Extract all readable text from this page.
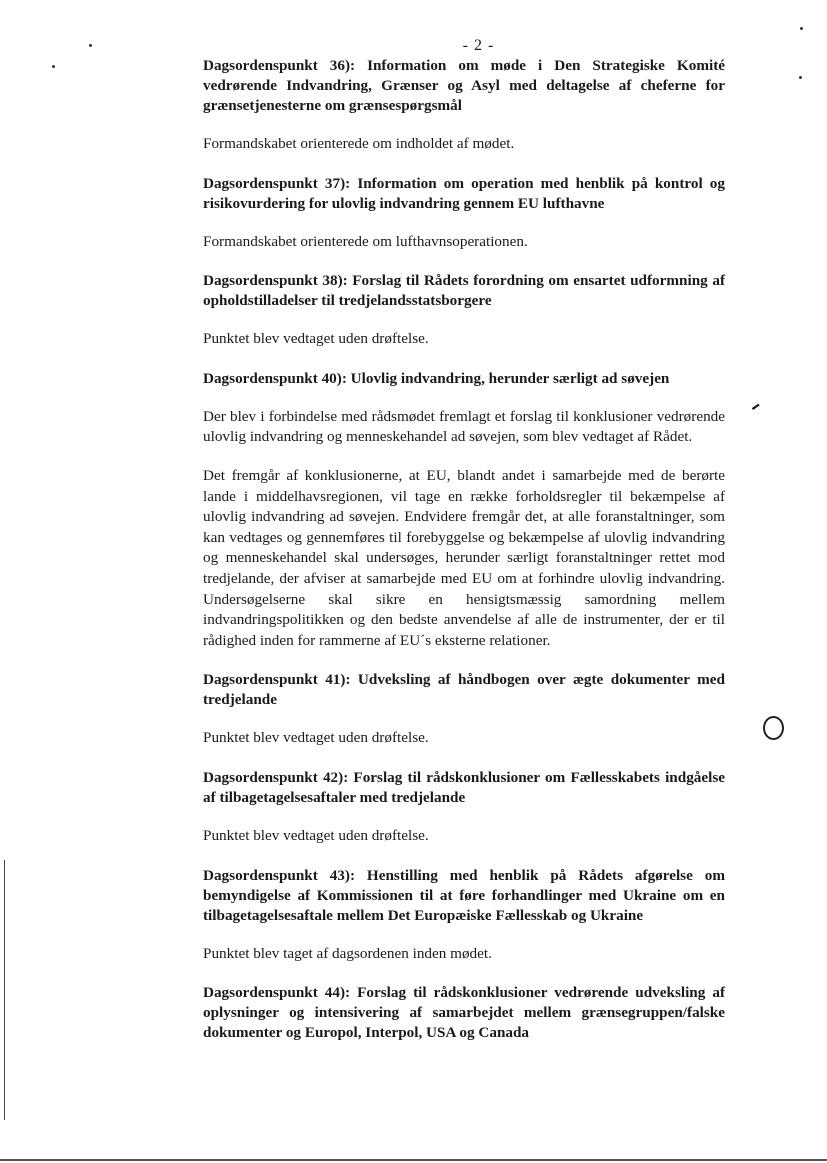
- 2 -

Dagsordenspunkt 36): Information om møde i Den Strategiske Komité vedrørende Indvandring, Grænser og Asyl med deltagelse af cheferne for grænsetjenesterne om grænsespørgsmål

Formandskabet orienterede om indholdet af mødet.

Dagsordenspunkt 37): Information om operation med henblik på kontrol og risikovurdering for ulovlig indvandring gennem EU lufthavne

Formandskabet orienterede om lufthavnsoperationen.

Dagsordenspunkt 38): Forslag til Rådets forordning om ensartet udformning af opholdstilladelser til tredjelandsstatsborgere

Punktet blev vedtaget uden drøftelse.

Dagsordenspunkt 40): Ulovlig indvandring, herunder særligt ad søvejen

Der blev i forbindelse med rådsmødet fremlagt et forslag til konklusioner vedrørende ulovlig indvandring og menneskehandel ad søvejen, som blev vedtaget af Rådet.

Det fremgår af konklusionerne, at EU, blandt andet i samarbejde med de berørte lande i middelhavsregionen, vil tage en række forholdsregler til bekæmpelse af ulovlig indvandring ad søvejen. Endvidere fremgår det, at alle foranstaltninger, som kan vedtages og gennemføres til forebyggelse og bekæmpelse af ulovlig indvandring og menneskehandel skal undersøges, herunder særligt foranstaltninger rettet mod tredjelande, der afviser at samarbejde med EU om at forhindre ulovlig indvandring. Undersøgelserne skal sikre en hensigtsmæssig samordning mellem indvandringspolitikken og den bedste anvendelse af alle de instrumenter, der er til rådighed inden for rammerne af EU´s eksterne relationer.

Dagsordenspunkt 41): Udveksling af håndbogen over ægte dokumenter med tredjelande

Punktet blev vedtaget uden drøftelse.

Dagsordenspunkt 42): Forslag til rådskonklusioner om Fællesskabets indgåelse af tilbagetagelsesaftaler med tredjelande

Punktet blev vedtaget uden drøftelse.

Dagsordenspunkt 43): Henstilling med henblik på Rådets afgørelse om bemyndigelse af Kommissionen til at føre forhandlinger med Ukraine om en tilbagetagelsesaftale mellem Det Europæiske Fællesskab og Ukraine

Punktet blev taget af dagsordenen inden mødet.

Dagsordenspunkt 44): Forslag til rådskonklusioner vedrørende udveksling af oplysninger og intensivering af samarbejdet mellem grænsegruppen/falske dokumenter og Europol, Interpol, USA og Canada

⹝
